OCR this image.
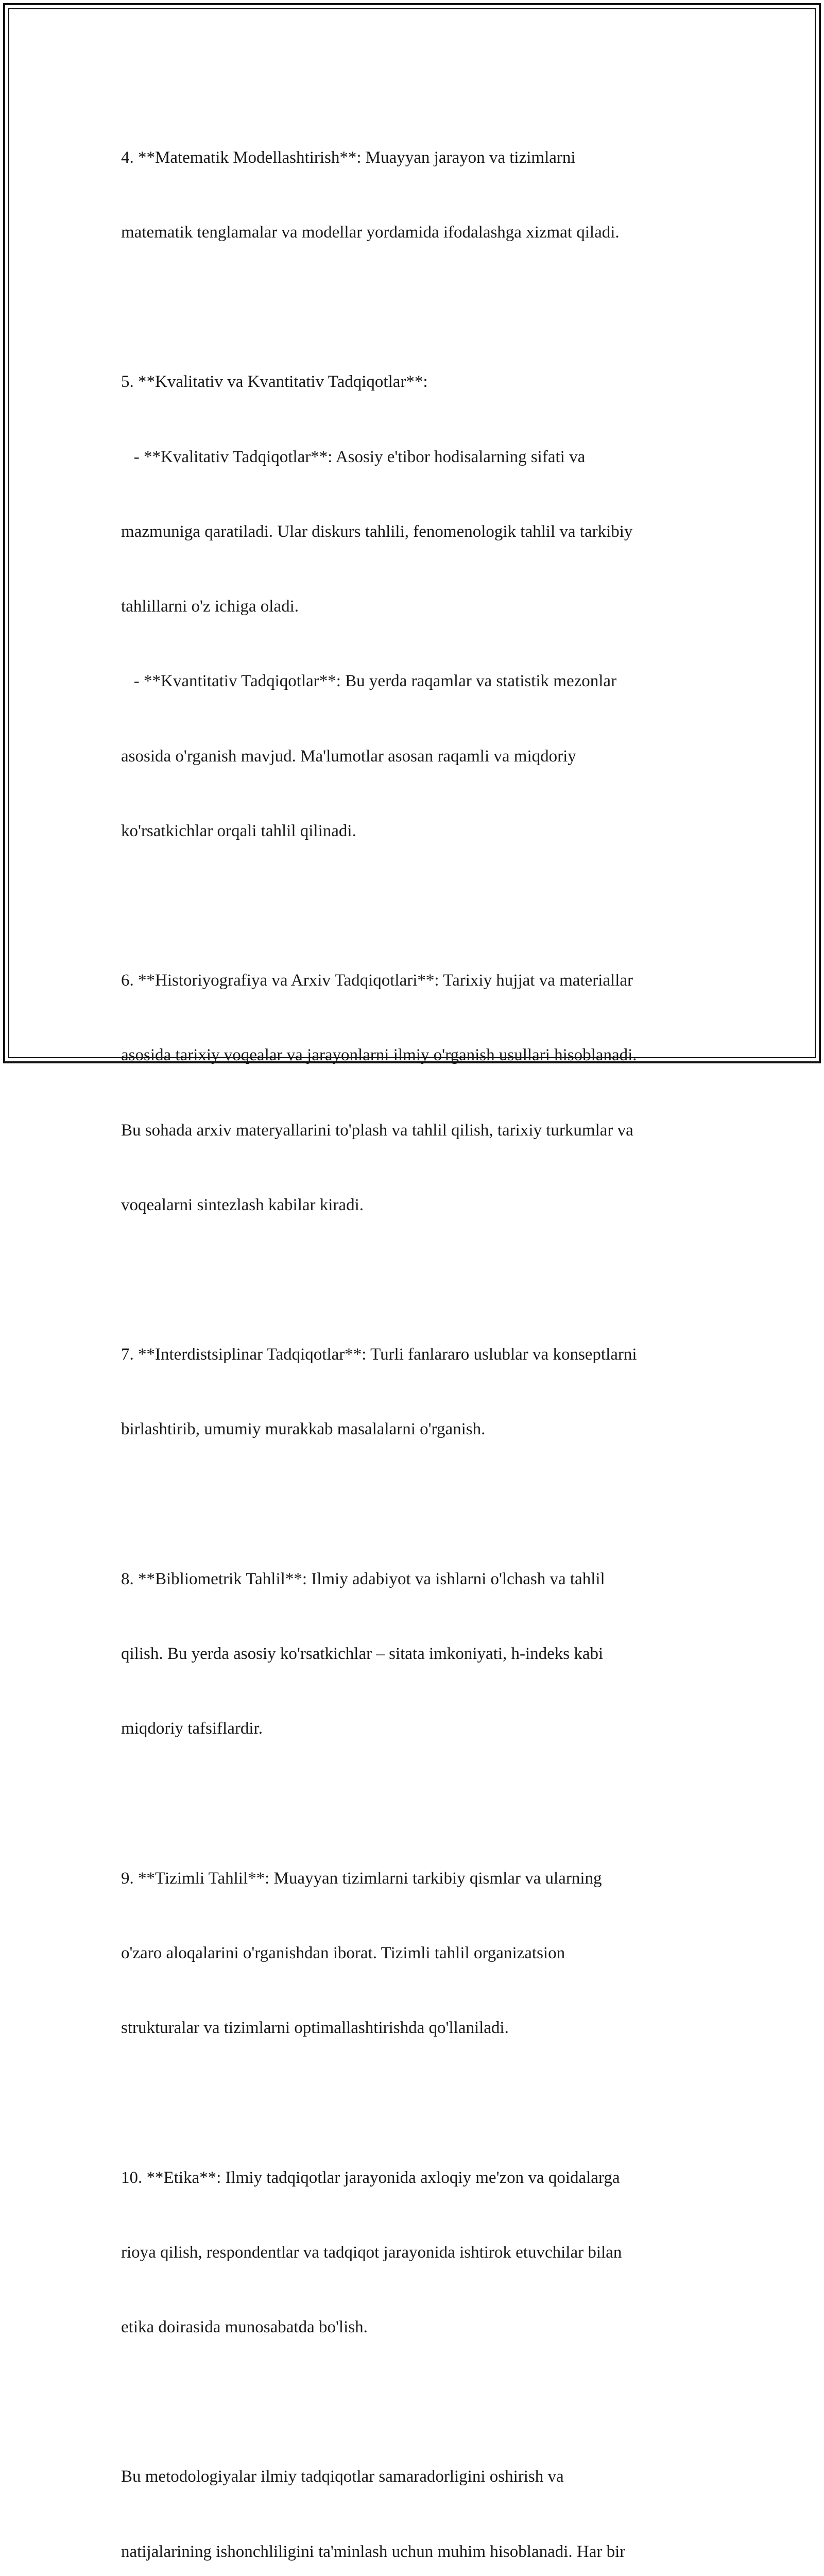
4. **Matematik Modellashtirish**: Muayyan jarayon va tizimlarni

matematik tenglamalar va modellar yordamida ifodalashga xizmat qiladi.

5. **Kvalitativ va Kvantitativ Tadqiqotlar**:

- **Kvalitativ Tadqiqotlar**: Asosiy e'tibor hodisalarning sifati va

mazmuniga qaratiladi. Ular diskurs tahlili, fenomenologik tahlil va tarkibiy

tahlillarni o'z ichiga oladi.

- **Kvantitativ Tadqiqotlar**: Bu yerda raqamlar va statistik mezonlar

asosida o'rganish mavjud. Ma'lumotlar asosan raqamli va miqdoriy

ko'rsatkichlar orqali tahlil qilinadi.

6. **Historiyografiya va Arxiv Tadqiqotlari**: Tarixiy hujjat va materiallar

asosida tarixiy voqealar va jarayonlarni ilmiy o'rganish usullari hisoblanadi.

Bu sohada arxiv materyallarini to'plash va tahlil qilish, tarixiy turkumlar va

voqealarni sintezlash kabilar kiradi.

7. **Interdistsiplinar Tadqiqotlar**: Turli fanlararo uslublar va konseptlarni

birlashtirib, umumiy murakkab masalalarni o'rganish.

8. **Bibliometrik Tahlil**: Ilmiy adabiyot va ishlarni o'lchash va tahlil

qilish. Bu yerda asosiy ko'rsatkichlar – sitata imkoniyati, h-indeks kabi

miqdoriy tafsiflardir.

9. **Tizimli Tahlil**: Muayyan tizimlarni tarkibiy qismlar va ularning

o'zaro aloqalarini o'rganishdan iborat. Tizimli tahlil organizatsion

strukturalar va tizimlarni optimallashtirishda qo'llaniladi.

10. **Etika**: Ilmiy tadqiqotlar jarayonida axloqiy me'zon va qoidalarga

rioya qilish, respondentlar va tadqiqot jarayonida ishtirok etuvchilar bilan

etika doirasida munosabatda bo'lish.

Bu metodologiyalar ilmiy tadqiqotlar samaradorligini oshirish va

natijalarining ishonchliligini ta'minlash uchun muhim hisoblanadi. Har bir
